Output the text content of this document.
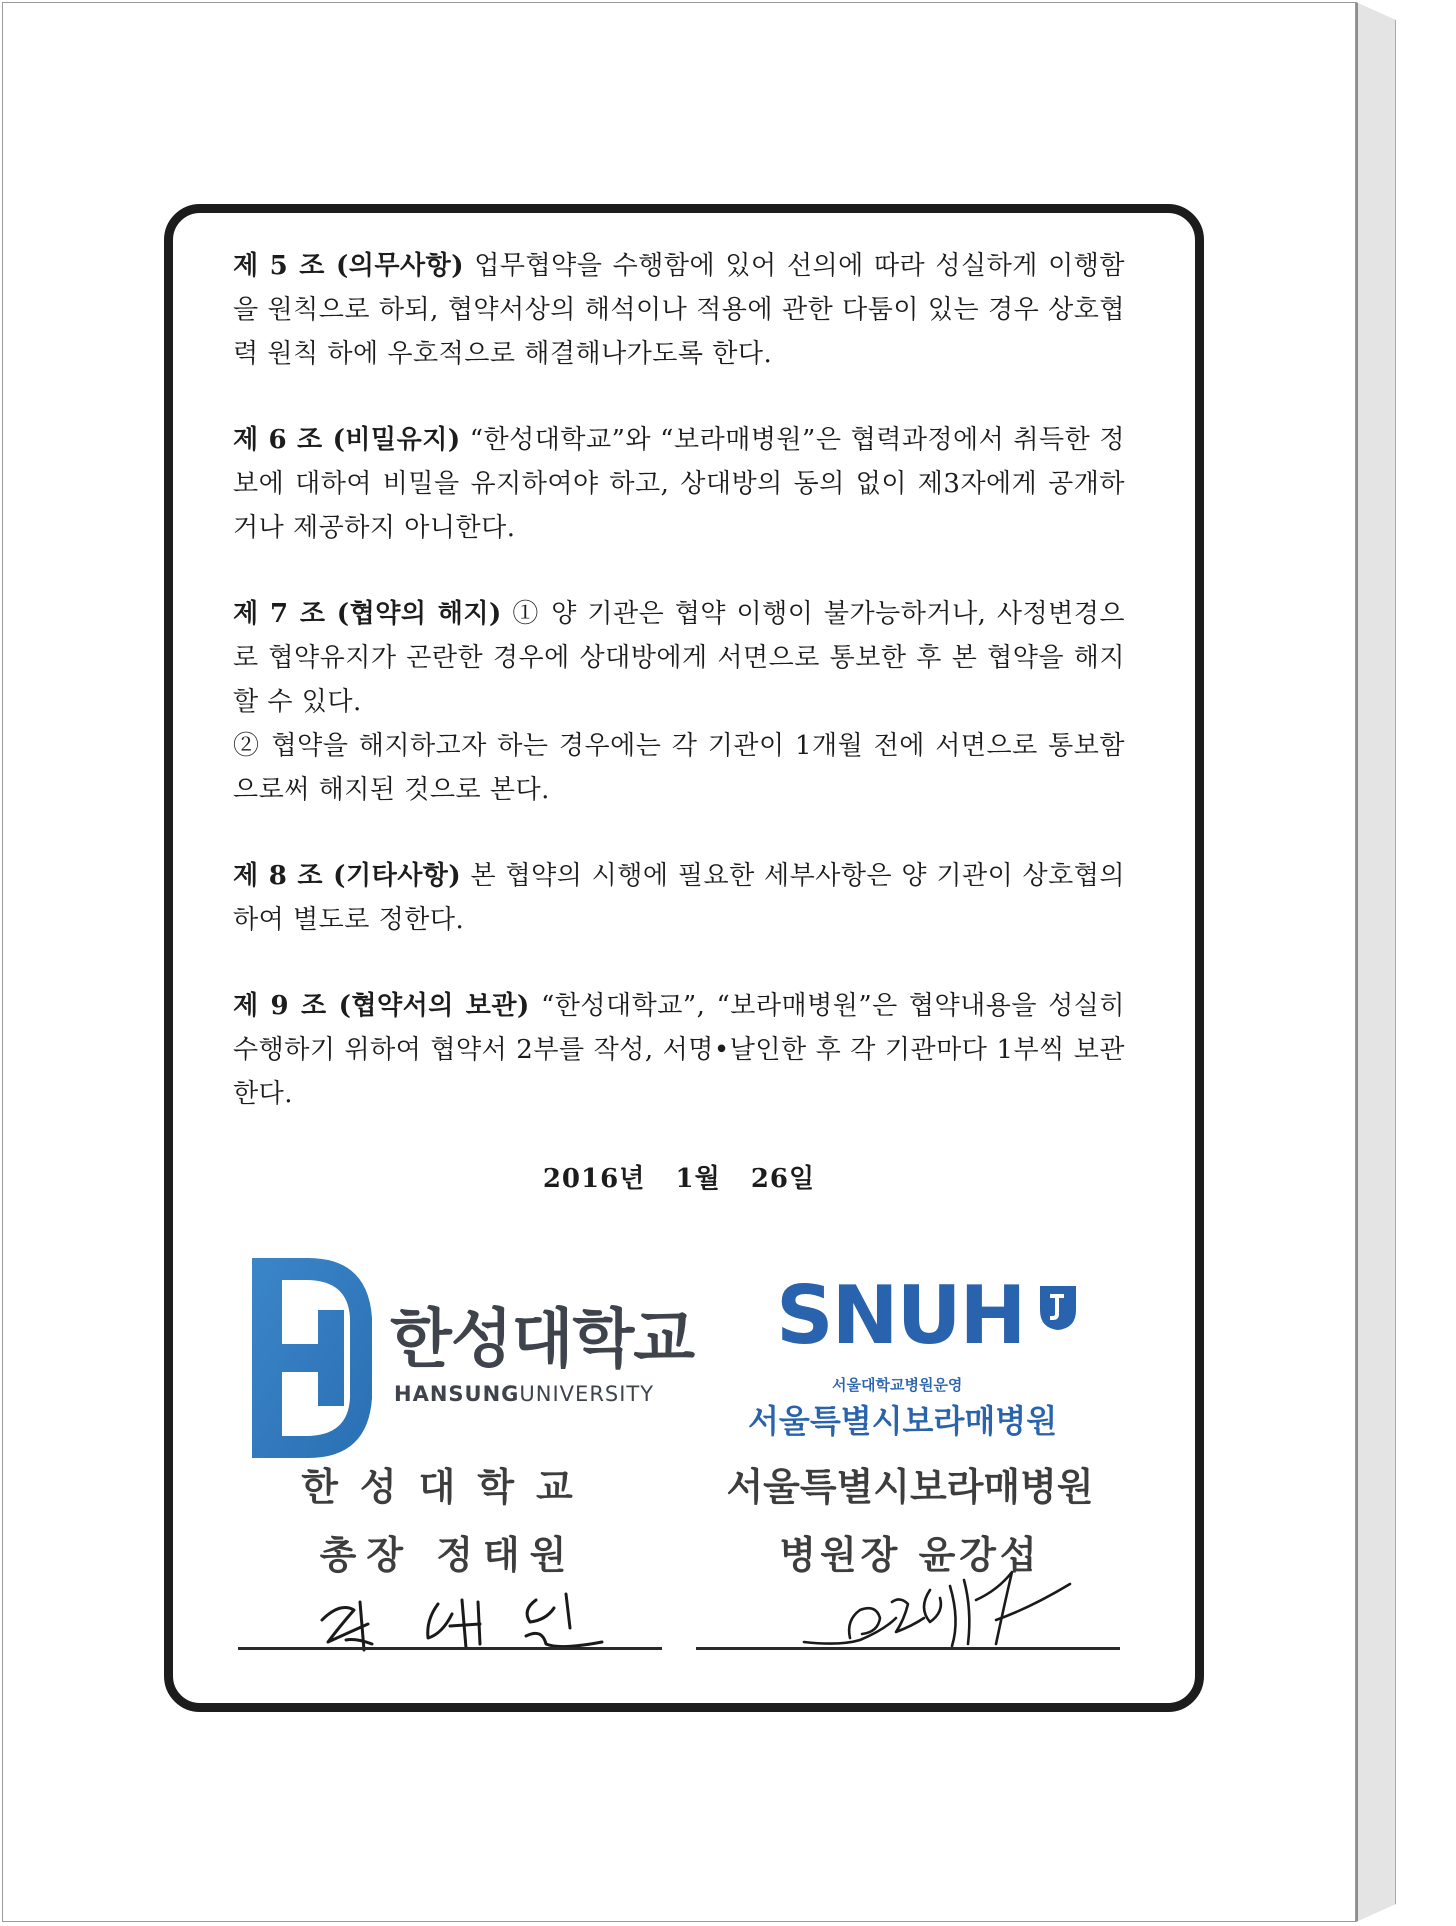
제 5 조 (의무사항) 업무협약을 수행함에 있어 선의에 따라 성실하게 이행함을 원칙으로 하되, 협약서상의 해석이나 적용에 관한 다툼이 있는 경우 상호협력 원칙 하에 우호적으로 해결해나가도록 한다.

제 6 조 (비밀유지) “한성대학교”와 “보라매병원”은 협력과정에서 취득한 정보에 대하여 비밀을 유지하여야 하고, 상대방의 동의 없이 제3자에게 공개하거나 제공하지 아니한다.

제 7 조 (협약의 해지) ① 양 기관은 협약 이행이 불가능하거나, 사정변경으로 협약유지가 곤란한 경우에 상대방에게 서면으로 통보한 후 본 협약을 해지할 수 있다.

② 협약을 해지하고자 하는 경우에는 각 기관이 1개월 전에 서면으로 통보함으로써 해지된 것으로 본다.

제 8 조 (기타사항) 본 협약의 시행에 필요한 세부사항은 양 기관이 상호협의하여 별도로 정한다.

제 9 조 (협약서의 보관) “한성대학교”, “보라매병원”은 협약내용을 성실히 수행하기 위하여 협약서 2부를 작성, 서명•날인한 후 각 기관마다 1부씩 보관한다.

2016년   1월   26일
한성대학교
HANSUNGUNIVERSITY
SNUH
서울대학교병원운영
서울특별시보라매병원
한성대학교
총장 정태원
서울특별시보라매병원
병원장 윤강섭
